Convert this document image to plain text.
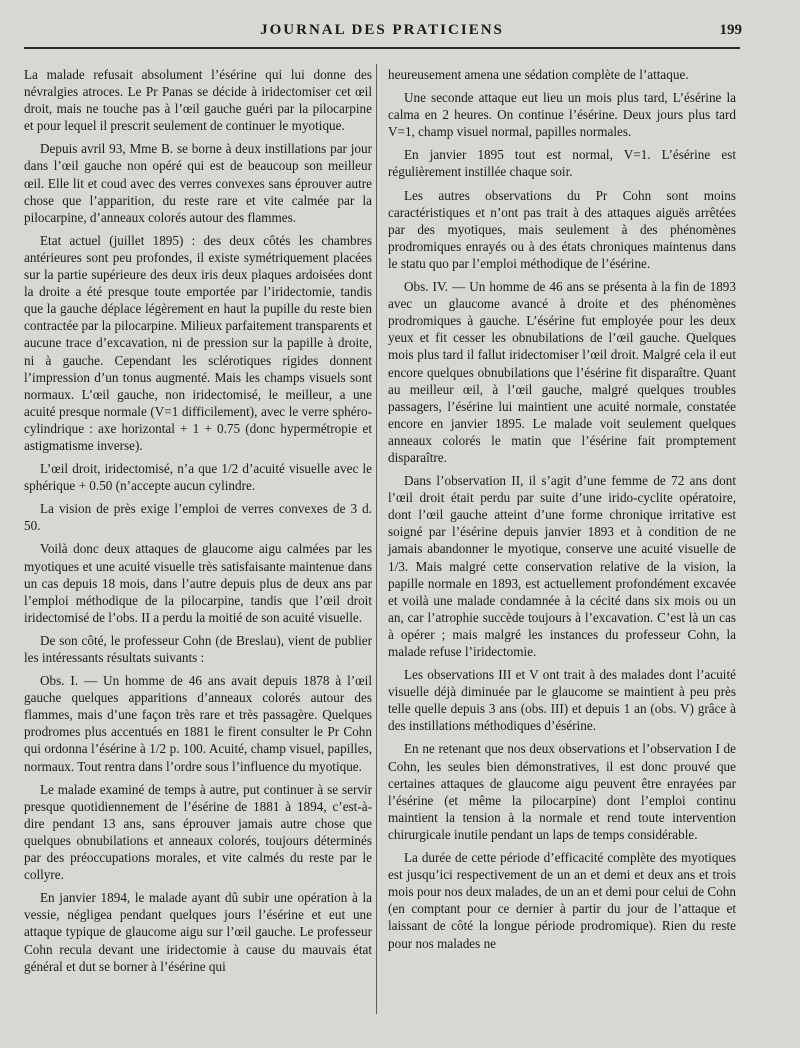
JOURNAL DES PRATICIENS	199

La malade refusait absolument l’ésérine qui lui donne des névralgies atroces. Le Pr Panas se décide à iridectomiser cet œil droit, mais ne touche pas à l’œil gauche guéri par la pilocarpine et pour lequel il prescrit seulement de continuer le myotique.

Depuis avril 93, Mme B. se borne à deux instillations par jour dans l’œil gauche non opéré qui est de beaucoup son meilleur œil. Elle lit et coud avec des verres convexes sans éprouver autre chose que l’apparition, du reste rare et vite calmée par la pilocarpine, d’anneaux colorés autour des flammes.

Etat actuel (juillet 1895) : des deux côtés les chambres antérieures sont peu profondes, il existe symétriquement placées sur la partie supérieure des deux iris deux plaques ardoisées dont la droite a été presque toute emportée par l’iridectomie, tandis que la gauche déplace légèrement en haut la pupille du reste bien contractée par la pilocarpine. Milieux parfaitement transparents et aucune trace d’excavation, ni de pression sur la papille à droite, ni à gauche. Cependant les sclérotiques rigides donnent l’impression d’un tonus augmenté. Mais les champs visuels sont normaux. L’œil gauche, non iridectomisé, le meilleur, a une acuité presque normale (V=1 difficilement), avec le verre sphéro-cylindrique : axe horizontal + 1 + 0.75 (donc hypermétropie et astigmatisme inverse).

L’œil droit, iridectomisé, n’a que 1/2 d’acuité visuelle avec le sphérique + 0.50 (n’accepte aucun cylindre.

La vision de près exige l’emploi de verres convexes de 3 d. 50.

Voilà donc deux attaques de glaucome aigu calmées par les myotiques et une acuité visuelle très satisfaisante maintenue dans un cas depuis 18 mois, dans l’autre depuis plus de deux ans par l’emploi méthodique de la pilocarpine, tandis que l’œil droit iridectomisé de l’obs. II a perdu la moitié de son acuité visuelle.

De son côté, le professeur Cohn (de Breslau), vient de publier les intéressants résultats suivants :

Obs. I. — Un homme de 46 ans avait depuis 1878 à l’œil gauche quelques apparitions d’anneaux colorés autour des flammes, mais d’une façon très rare et très passagère. Quelques prodromes plus accentués en 1881 le firent consulter le Pr Cohn qui ordonna l’ésérine à 1/2 p. 100. Acuité, champ visuel, papilles, normaux. Tout rentra dans l’ordre sous l’influence du myotique.

Le malade examiné de temps à autre, put continuer à se servir presque quotidiennement de l’ésérine de 1881 à 1894, c’est-à-dire pendant 13 ans, sans éprouver jamais autre chose que quelques obnubilations et anneaux colorés, toujours déterminés par des préoccupations morales, et vite calmés du reste par le collyre.

En janvier 1894, le malade ayant dû subir une opération à la vessie, négligea pendant quelques jours l’ésérine et eut une attaque typique de glaucome aigu sur l’œil gauche. Le professeur Cohn recula devant une iridectomie à cause du mauvais état général et dut se borner à l’ésérine qui

heureusement amena une sédation complète de l’attaque.

Une seconde attaque eut lieu un mois plus tard, L’ésérine la calma en 2 heures. On continue l’ésérine. Deux jours plus tard V=1, champ visuel normal, papilles normales.

En janvier 1895 tout est normal, V=1. L’ésérine est régulièrement instillée chaque soir.

Les autres observations du Pr Cohn sont moins caractéristiques et n’ont pas trait à des attaques aiguës arrêtées par des myotiques, mais seulement à des phénomènes prodromiques enrayés ou à des états chroniques maintenus dans le statu quo par l’emploi méthodique de l’ésérine.

Obs. IV. — Un homme de 46 ans se présenta à la fin de 1893 avec un glaucome avancé à droite et des phénomènes prodromiques à gauche. L’ésérine fut employée pour les deux yeux et fit cesser les obnubilations de l’œil gauche. Quelques mois plus tard il fallut iridectomiser l’œil droit. Malgré cela il eut encore quelques obnubilations que l’ésérine fit disparaître. Quant au meilleur œil, à l’œil gauche, malgré quelques troubles passagers, l’ésérine lui maintient une acuité normale, constatée encore en janvier 1895. Le malade voit seulement quelques anneaux colorés le matin que l’ésérine fait promptement disparaître.

Dans l’observation II, il s’agit d’une femme de 72 ans dont l’œil droit était perdu par suite d’une irido-cyclite opératoire, dont l’œil gauche atteint d’une forme chronique irritative est soigné par l’ésérine depuis janvier 1893 et à condition de ne jamais abandonner le myotique, conserve une acuité visuelle de 1/3. Mais malgré cette conservation relative de la vision, la papille normale en 1893, est actuellement profondément excavée et voilà une malade condamnée à la cécité dans six mois ou un an, car l’atrophie succède toujours à l’excavation. C’est là un cas à opérer ; mais malgré les instances du professeur Cohn, la malade refuse l’iridectomie.

Les observations III et V ont trait à des malades dont l’acuité visuelle déjà diminuée par le glaucome se maintient à peu près telle quelle depuis 3 ans (obs. III) et depuis 1 an (obs. V) grâce à des instillations méthodiques d’ésérine.

En ne retenant que nos deux observations et l’observation I de Cohn, les seules bien démonstratives, il est donc prouvé que certaines attaques de glaucome aigu peuvent être enrayées par l’ésérine (et même la pilocarpine) dont l’emploi continu maintient la tension à la normale et rend toute intervention chirurgicale inutile pendant un laps de temps considérable.

La durée de cette période d’efficacité complète des myotiques est jusqu’ici respectivement de un an et demi et deux ans et trois mois pour nos deux malades, de un an et demi pour celui de Cohn (en comptant pour ce dernier à partir du jour de l’attaque et laissant de côté la longue période prodromique). Rien du reste pour nos malades ne
